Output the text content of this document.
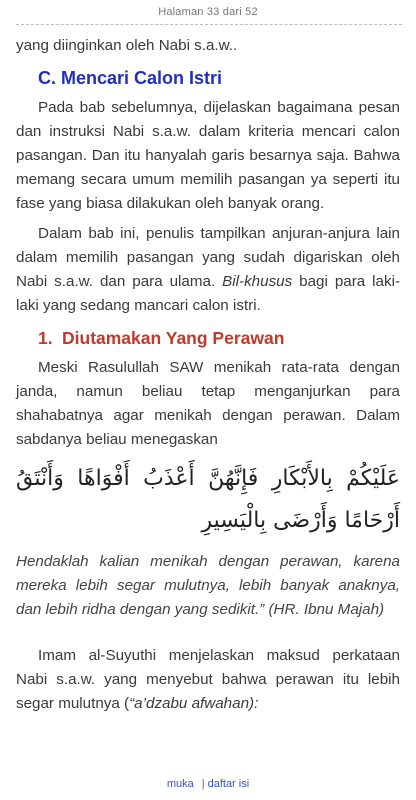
Halaman 33 dari 52

yang diinginkan oleh Nabi s.a.w..

C. Mencari Calon Istri

Pada bab sebelumnya, dijelaskan bagaimana pesan dan instruksi Nabi s.a.w. dalam kriteria mencari calon pasangan. Dan itu hanyalah garis besarnya saja. Bahwa memang secara umum memilih pasangan ya seperti itu fase yang biasa dilakukan oleh banyak orang.

Dalam bab ini, penulis tampilkan anjuran-anjura lain dalam memilih pasangan yang sudah digariskan oleh Nabi s.a.w. dan para ulama. Bil-khusus bagi para laki-laki yang sedang mancari calon istri.

1. Diutamakan Yang Perawan

Meski Rasulullah SAW menikah rata-rata dengan janda, namun beliau tetap menganjurkan para shahabatnya agar menikah dengan perawan. Dalam sabdanya beliau menegaskan

عَلَيْكُمْ بِالأَبْكَارِ فَإِنَّهُنَّ أَعْذَبُ أَفْوَاهًا وَأَنْتَقُ أَرْحَامًا وَأَرْضَى بِالْيَسِيرِ

Hendaklah kalian menikah dengan perawan, karena mereka lebih segar mulutnya, lebih banyak anaknya, dan lebih ridha dengan yang sedikit.” (HR. Ibnu Majah)

Imam al-Suyuthi menjelaskan maksud perkataan Nabi s.a.w. yang menyebut bahwa perawan itu lebih segar mulutnya (“a’dzabu afwahan):

muka | daftar isi
